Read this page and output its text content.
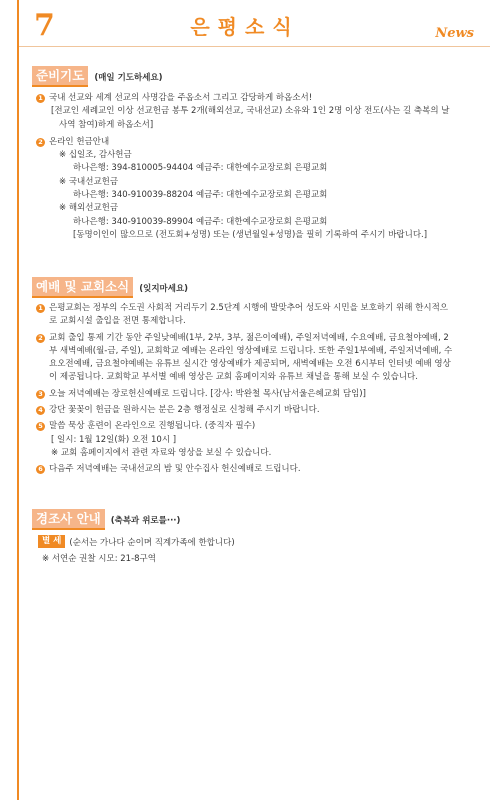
7	은평소식	News
준비기도	(매일 기도하세요)
1 국내 선교와 세계 선교의 사명감을 주옵소서 그리고 감당하게 하옵소서!
[전교인 세례교인 이상 선교헌금 봉투 2개(해외선교, 국내선교) 소유와 1인 2명 이상 전도(사는 길 축복의 날
사역 참여)하게 하옵소서]
2 온라인 헌금안내
※ 십일조, 감사헌금
하나은행: 394-810005-94404 예금주: 대한예수교장로회 은평교회
※ 국내선교헌금
하나은행: 340-910039-88204 예금주: 대한예수교장로회 은평교회
※ 해외선교헌금
하나은행: 340-910039-89904 예금주: 대한예수교장로회 은평교회
[동명이인이 많으므로 (전도회+성명) 또는 (생년월일+성명)을 필히 기록하여 주시기 바랍니다.]
예배 및 교회소식	(잊지마세요)
1 은평교회는 정부의 수도권 사회적 거리두기 2.5단계 시행에 발맞추어 성도와 시민을 보호하기 위해 한시적으
로 교회시설 출입을 전면 통제합니다.
2 교회 출입 통제 기간 동안 주일낮예배(1부, 2부, 3부, 젊은이예배), 주일저녁예배, 수요예배, 금요철야예배, 2
부 새벽예배(월-금, 주일), 교회학교 예배는 온라인 영상예배로 드립니다. 또한 주일1부예배, 주일저녁예배, 수
요오전예배, 금요철야예배는 유튜브 실시간 영상예배가 제공되며, 새벽예배는 오전 6시부터 인터넷 예배 영상
이 제공됩니다. 교회학교 부서별 예배 영상은 교회 홈페이지와 유튜브 채널을 통해 보실 수 있습니다.
3 오늘 저녁예배는 장로헌신예배로 드립니다. [강사: 박완철 목사(남서울은혜교회 담임)]
4 강단 꽃꽂이 헌금을 원하시는 분은 2층 행정실로 신청해 주시기 바랍니다.
5 말씀 묵상 훈련이 온라인으로 진행됩니다. (중직자 필수)
[ 일시: 1월 12일(화) 오전 10시 ]
※ 교회 홈페이지에서 관련 자료와 영상을 보실 수 있습니다.
6 다음주 저녁예배는 국내선교의 밤 및 안수집사 헌신예배로 드립니다.
경조사 안내	(축복과 위로를···)
별 세 (순서는 가나다 순이며 직계가족에 한합니다)
※ 서연순 권찰 시모: 21-8구역
